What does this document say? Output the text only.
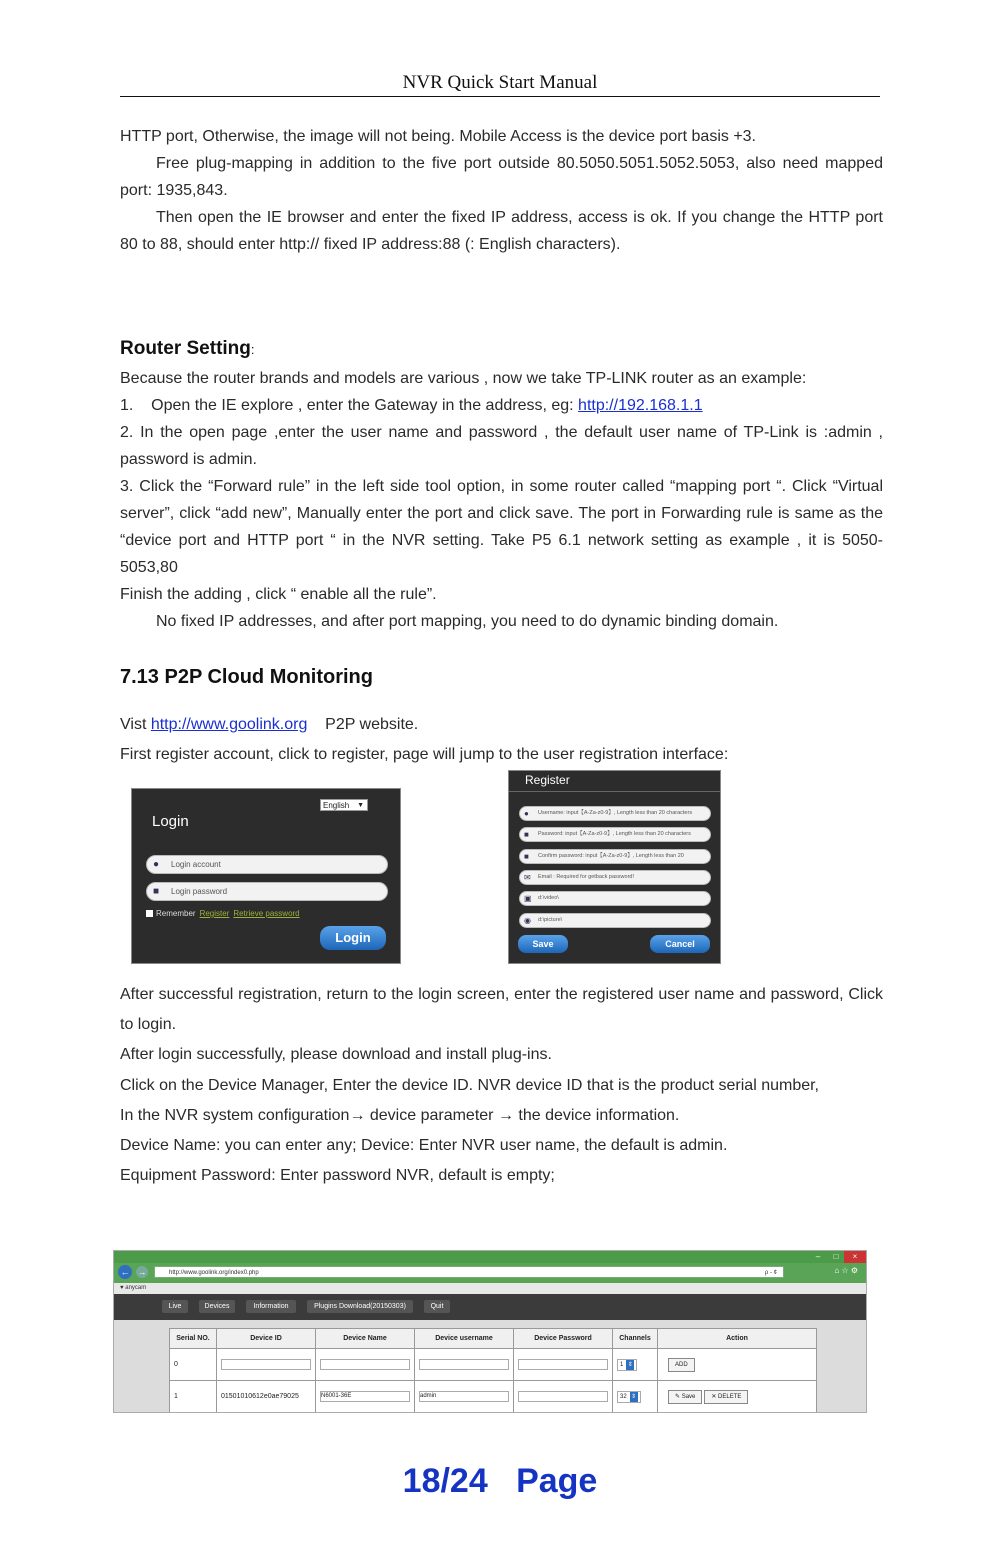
NVR Quick Start Manual

HTTP port, Otherwise, the image will not being. Mobile Access is the device port basis +3.

Free plug-mapping in addition to the five port outside 80.5050.5051.5052.5053, also need mapped port: 1935,843.

Then open the IE browser and enter the fixed IP address, access is ok. If you change the HTTP port 80 to 88, should enter http:// fixed IP address:88 (: English characters).

Router Setting:

Because the router brands and models are various , now we take TP-LINK router as an example:

1.    Open the IE explore , enter the Gateway in the address, eg: http://192.168.1.1

2. In the open page ,enter the user name and password , the default user name of TP-Link is :admin , password is admin.

3. Click the “Forward rule” in the left side tool option, in some router called “mapping port “. Click “Virtual server”, click “add new”, Manually enter the port and click save. The port in Forwarding rule is same as the “device port and HTTP port “ in the NVR setting. Take P5 6.1 network setting as example , it is 5050-5053,80

Finish the adding , click “ enable all the rule”.

No fixed IP addresses, and after port mapping, you need to do dynamic binding domain.

7.13 P2P Cloud Monitoring

Vist http://www.goolink.org    P2P website.

First register account, click to register, page will jump to the user registration interface:

English ▼
Login
●	Login account
■	Login password
Remember Register Retrieve password
Login
Register
●	Username: input【A-Za-z0-9】, Length less than 20 characters
■	Password: input【A-Za-z0-9】, Length less than 20 characters
■	Confirm password: input【A-Za-z0-9】, Length less than 20
✉	Email : Required for getback password!
▣	d:\video\
◉	d:\picture\
Save	Cancel

After successful registration, return to the login screen, enter the registered user name and password, Click to login.

After login successfully, please download and install plug-ins.

Click on the Device Manager, Enter the device ID. NVR device ID that is the product serial number,

In the NVR system configuration→ device parameter → the device information.

Device Name: you can enter any; Device: Enter NVR user name, the default is admin.

Equipment Password: Enter password NVR, default is empty;

–	□	×
← →	http://www.goolink.org/index0.php	ρ - ¢	⌂ ☆ ⚙
♥ anycam
Live	Devices	Information	Plugins Download(20150303)	Quit
Serial NO.	Device ID	Device Name	Device username	Device Password	Channels	Action
0					1 ⇕	ADD
1	01501010612e0ae79025	N6001-36E	admin		32 ⇕	✎ Save ✕ DELETE
18/24   Page
